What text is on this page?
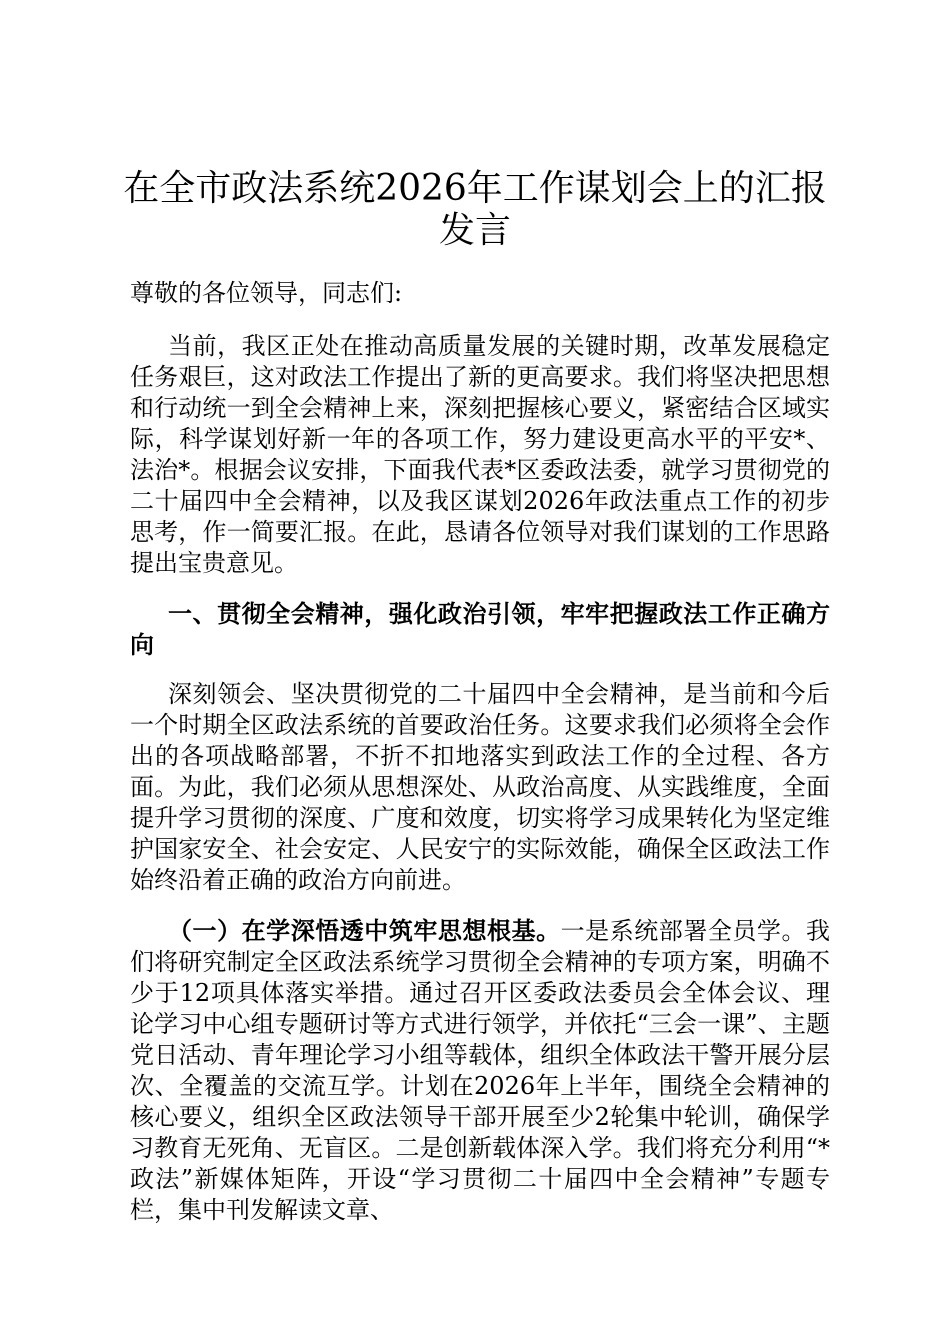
在全市政法系统2026年工作谋划会上的汇报发言

尊敬的各位领导，同志们:

当前，我区正处在推动高质量发展的关键时期，改革发展稳定任务艰巨，这对政法工作提出了新的更高要求。我们将坚决把思想和行动统一到全会精神上来，深刻把握核心要义，紧密结合区域实际，科学谋划好新一年的各项工作，努力建设更高水平的平安*、法治*。根据会议安排，下面我代表*区委政法委，就学习贯彻党的二十届四中全会精神，以及我区谋划2026年政法重点工作的初步思考，作一简要汇报。在此，恳请各位领导对我们谋划的工作思路提出宝贵意见。

一、贯彻全会精神，强化政治引领，牢牢把握政法工作正确方向

深刻领会、坚决贯彻党的二十届四中全会精神，是当前和今后一个时期全区政法系统的首要政治任务。这要求我们必须将全会作出的各项战略部署，不折不扣地落实到政法工作的全过程、各方面。为此，我们必须从思想深处、从政治高度、从实践维度，全面提升学习贯彻的深度、广度和效度，切实将学习成果转化为坚定维护国家安全、社会安定、人民安宁的实际效能，确保全区政法工作始终沿着正确的政治方向前进。

（一）在学深悟透中筑牢思想根基。一是系统部署全员学。我们将研究制定全区政法系统学习贯彻全会精神的专项方案，明确不少于12项具体落实举措。通过召开区委政法委员会全体会议、理论学习中心组专题研讨等方式进行领学，并依托“三会一课”、主题党日活动、青年理论学习小组等载体，组织全体政法干警开展分层次、全覆盖的交流互学。计划在2026年上半年，围绕全会精神的核心要义，组织全区政法领导干部开展至少2轮集中轮训，确保学习教育无死角、无盲区。二是创新载体深入学。我们将充分利用“*政法”新媒体矩阵，开设“学习贯彻二十届四中全会精神”专题专栏，集中刊发解读文章、
